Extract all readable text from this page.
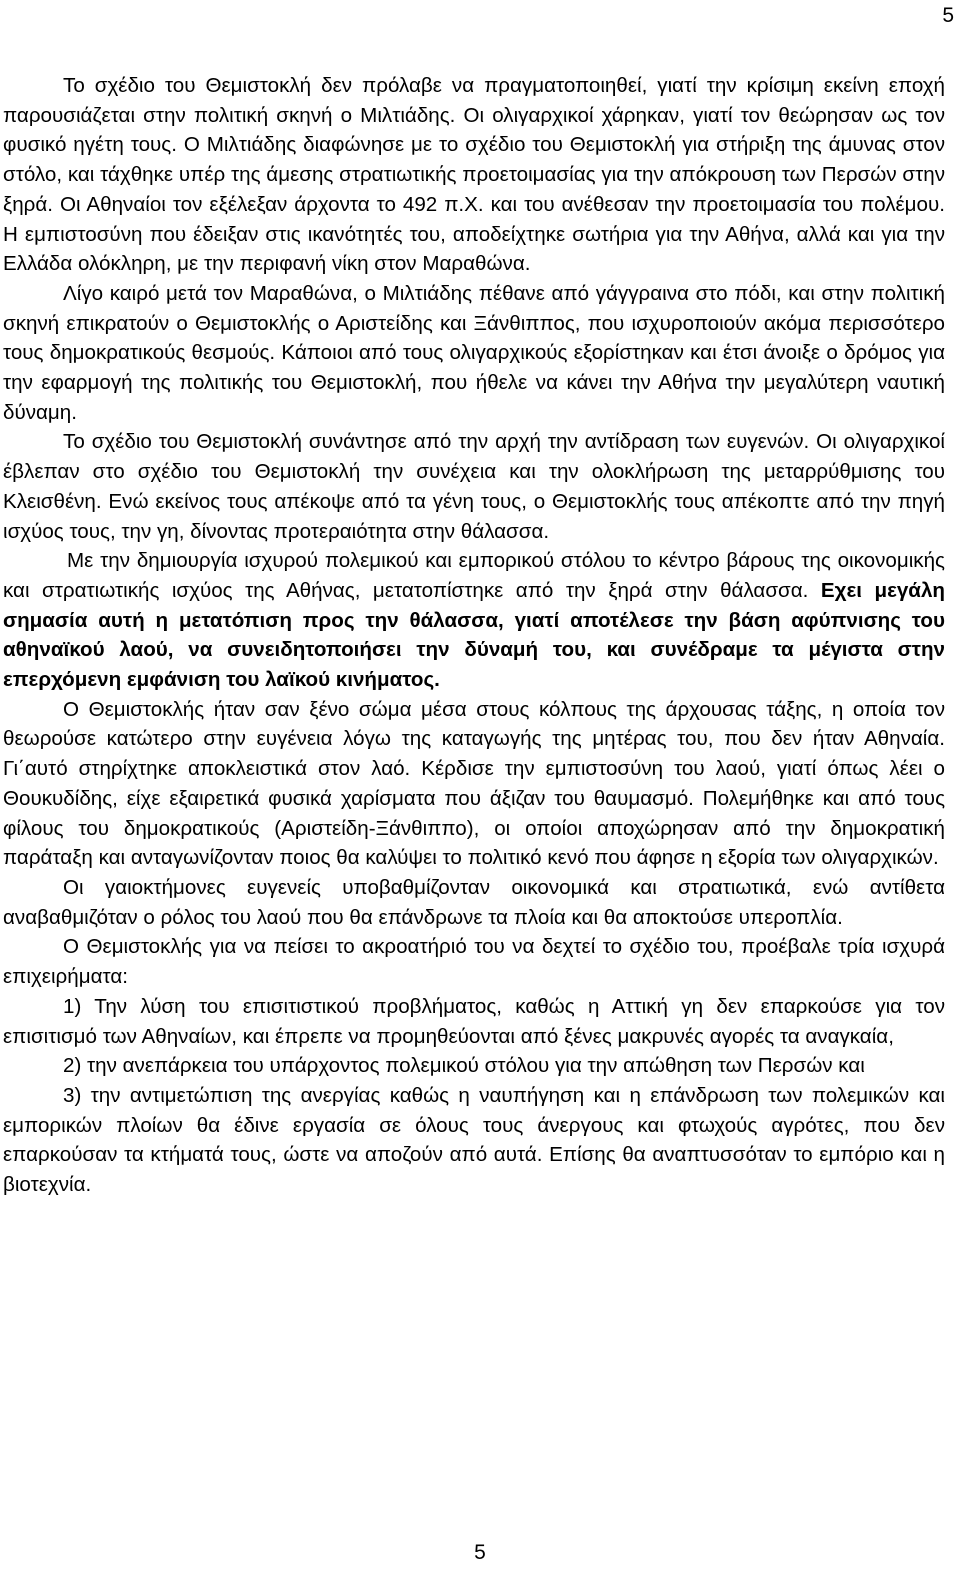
5

Το σχέδιο του Θεμιστοκλή δεν πρόλαβε να πραγματοποιηθεί, γιατί την κρίσιμη εκείνη εποχή παρουσιάζεται στην πολιτική σκηνή ο Μιλτιάδης. Οι ολιγαρχικοί χάρηκαν, γιατί τον θεώρησαν ως τον φυσικό ηγέτη τους. Ο Μιλτιάδης διαφώνησε με το σχέδιο του Θεμιστοκλή για στήριξη της άμυνας στον στόλο, και τάχθηκε υπέρ της άμεσης στρατιωτικής προετοιμασίας για την απόκρουση των Περσών στην ξηρά. Οι Αθηναίοι τον εξέλεξαν άρχοντα το 492 π.Χ. και του ανέθεσαν την προετοιμασία του πολέμου. Η εμπιστοσύνη που έδειξαν στις ικανότητές του, αποδείχτηκε σωτήρια για την Αθήνα, αλλά και για την Ελλάδα ολόκληρη, με την περιφανή νίκη στον Μαραθώνα.

Λίγο καιρό μετά τον Μαραθώνα, ο Μιλτιάδης πέθανε από γάγγραινα στο πόδι, και στην πολιτική σκηνή επικρατούν ο Θεμιστοκλής ο Αριστείδης και Ξάνθιππος, που ισχυροποιούν ακόμα περισσότερο τους δημοκρατικούς θεσμούς. Κάποιοι από τους ολιγαρχικούς εξορίστηκαν και έτσι άνοιξε ο δρόμος για την εφαρμογή της πολιτικής του Θεμιστοκλή, που ήθελε να κάνει την Αθήνα την μεγαλύτερη ναυτική δύναμη.

Το σχέδιο του Θεμιστοκλή συνάντησε από την αρχή την αντίδραση των ευγενών. Οι ολιγαρχικοί έβλεπαν στο σχέδιο του Θεμιστοκλή την συνέχεια και την ολοκλήρωση της μεταρρύθμισης του Κλεισθένη. Ενώ εκείνος τους απέκοψε από τα γένη τους, ο Θεμιστοκλής τους απέκοπτε από την πηγή ισχύος τους, την γη, δίνοντας προτεραιότητα στην θάλασσα.

Με την δημιουργία ισχυρού πολεμικού και εμπορικού στόλου το κέντρο βάρους της οικονομικής και στρατιωτικής ισχύος της Αθήνας, μετατοπίστηκε από την ξηρά στην θάλασσα. Εχει μεγάλη σημασία αυτή η μετατόπιση προς την θάλασσα, γιατί αποτέλεσε την βάση αφύπνισης του αθηναϊκού λαού, να συνειδητοποιήσει την δύναμή του, και συνέδραμε τα μέγιστα στην επερχόμενη εμφάνιση του λαϊκού κινήματος.

Ο Θεμιστοκλής ήταν σαν ξένο σώμα μέσα στους κόλπους της άρχουσας τάξης, η οποία τον θεωρούσε κατώτερο στην ευγένεια λόγω της καταγωγής της μητέρας του, που δεν ήταν Αθηναία. Γι΄αυτό στηρίχτηκε αποκλειστικά στον λαό. Κέρδισε την εμπιστοσύνη του λαού, γιατί όπως λέει ο Θουκυδίδης, είχε εξαιρετικά φυσικά χαρίσματα που άξιζαν του θαυμασμό. Πολεμήθηκε και από τους φίλους του δημοκρατικούς (Αριστείδη-Ξάνθιππο), οι οποίοι αποχώρησαν από την δημοκρατική παράταξη και ανταγωνίζονταν ποιος θα καλύψει το πολιτικό κενό που άφησε η εξορία των ολιγαρχικών.

Οι γαιοκτήμονες ευγενείς υποβαθμίζονταν οικονομικά και στρατιωτικά, ενώ αντίθετα αναβαθμιζόταν ο ρόλος του λαού που θα επάνδρωνε τα πλοία και θα αποκτούσε υπεροπλία.

Ο Θεμιστοκλής για να πείσει το ακροατήριό του να δεχτεί το σχέδιο του, προέβαλε τρία ισχυρά επιχειρήματα:

1) Την λύση του επισιτιστικού προβλήματος, καθώς η Αττική γη δεν επαρκούσε για τον επισιτισμό των Αθηναίων, και έπρεπε να προμηθεύονται από ξένες μακρυνές αγορές τα αναγκαία,

2) την ανεπάρκεια του υπάρχοντος πολεμικού στόλου για την απώθηση των Περσών και

3) την αντιμετώπιση της ανεργίας καθώς η ναυπήγηση και η επάνδρωση των πολεμικών και εμπορικών πλοίων θα έδινε εργασία σε όλους τους άνεργους και φτωχούς αγρότες, που δεν επαρκούσαν τα κτήματά τους, ώστε να αποζούν από αυτά. Επίσης θα αναπτυσσόταν το εμπόριο και η βιοτεχνία.

5
